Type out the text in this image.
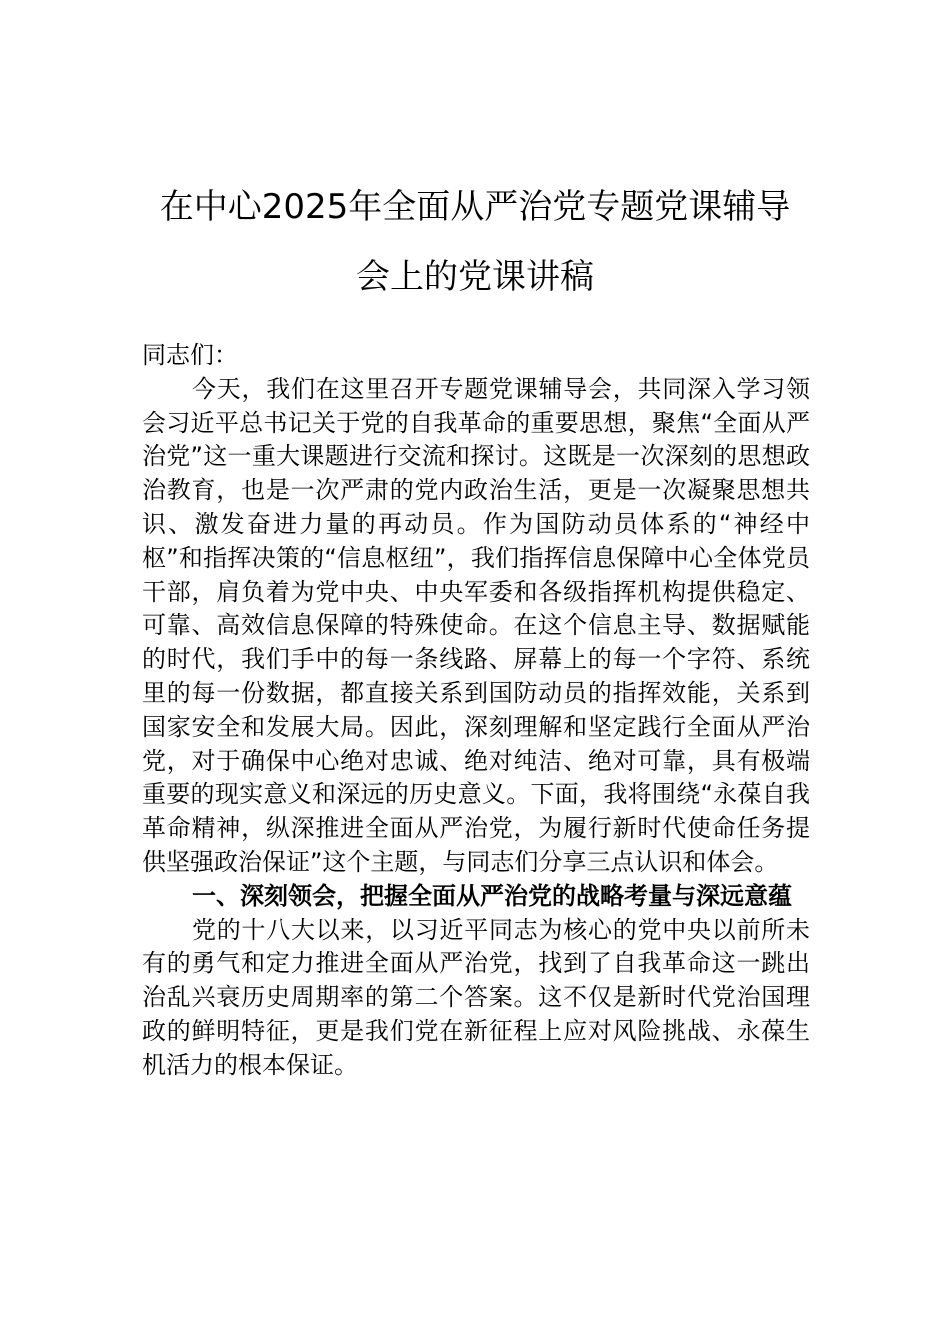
在中心2025年全面从严治党专题党课辅导
会上的党课讲稿

同志们：

今天，我们在这里召开专题党课辅导会，共同深入学习领会习近平总书记关于党的自我革命的重要思想，聚焦“全面从严治党”这一重大课题进行交流和探讨。这既是一次深刻的思想政治教育，也是一次严肃的党内政治生活，更是一次凝聚思想共识、激发奋进力量的再动员。作为国防动员体系的“神经中枢”和指挥决策的“信息枢纽”，我们指挥信息保障中心全体党员干部，肩负着为党中央、中央军委和各级指挥机构提供稳定、可靠、高效信息保障的特殊使命。在这个信息主导、数据赋能的时代，我们手中的每一条线路、屏幕上的每一个字符、系统里的每一份数据，都直接关系到国防动员的指挥效能，关系到国家安全和发展大局。因此，深刻理解和坚定践行全面从严治党，对于确保中心绝对忠诚、绝对纯洁、绝对可靠，具有极端重要的现实意义和深远的历史意义。下面，我将围绕“永葆自我革命精神，纵深推进全面从严治党，为履行新时代使命任务提供坚强政治保证”这个主题，与同志们分享三点认识和体会。

一、深刻领会，把握全面从严治党的战略考量与深远意蕴

党的十八大以来，以习近平同志为核心的党中央以前所未有的勇气和定力推进全面从严治党，找到了自我革命这一跳出治乱兴衰历史周期率的第二个答案。这不仅是新时代党治国理政的鲜明特征，更是我们党在新征程上应对风险挑战、永葆生机活力的根本保证。
